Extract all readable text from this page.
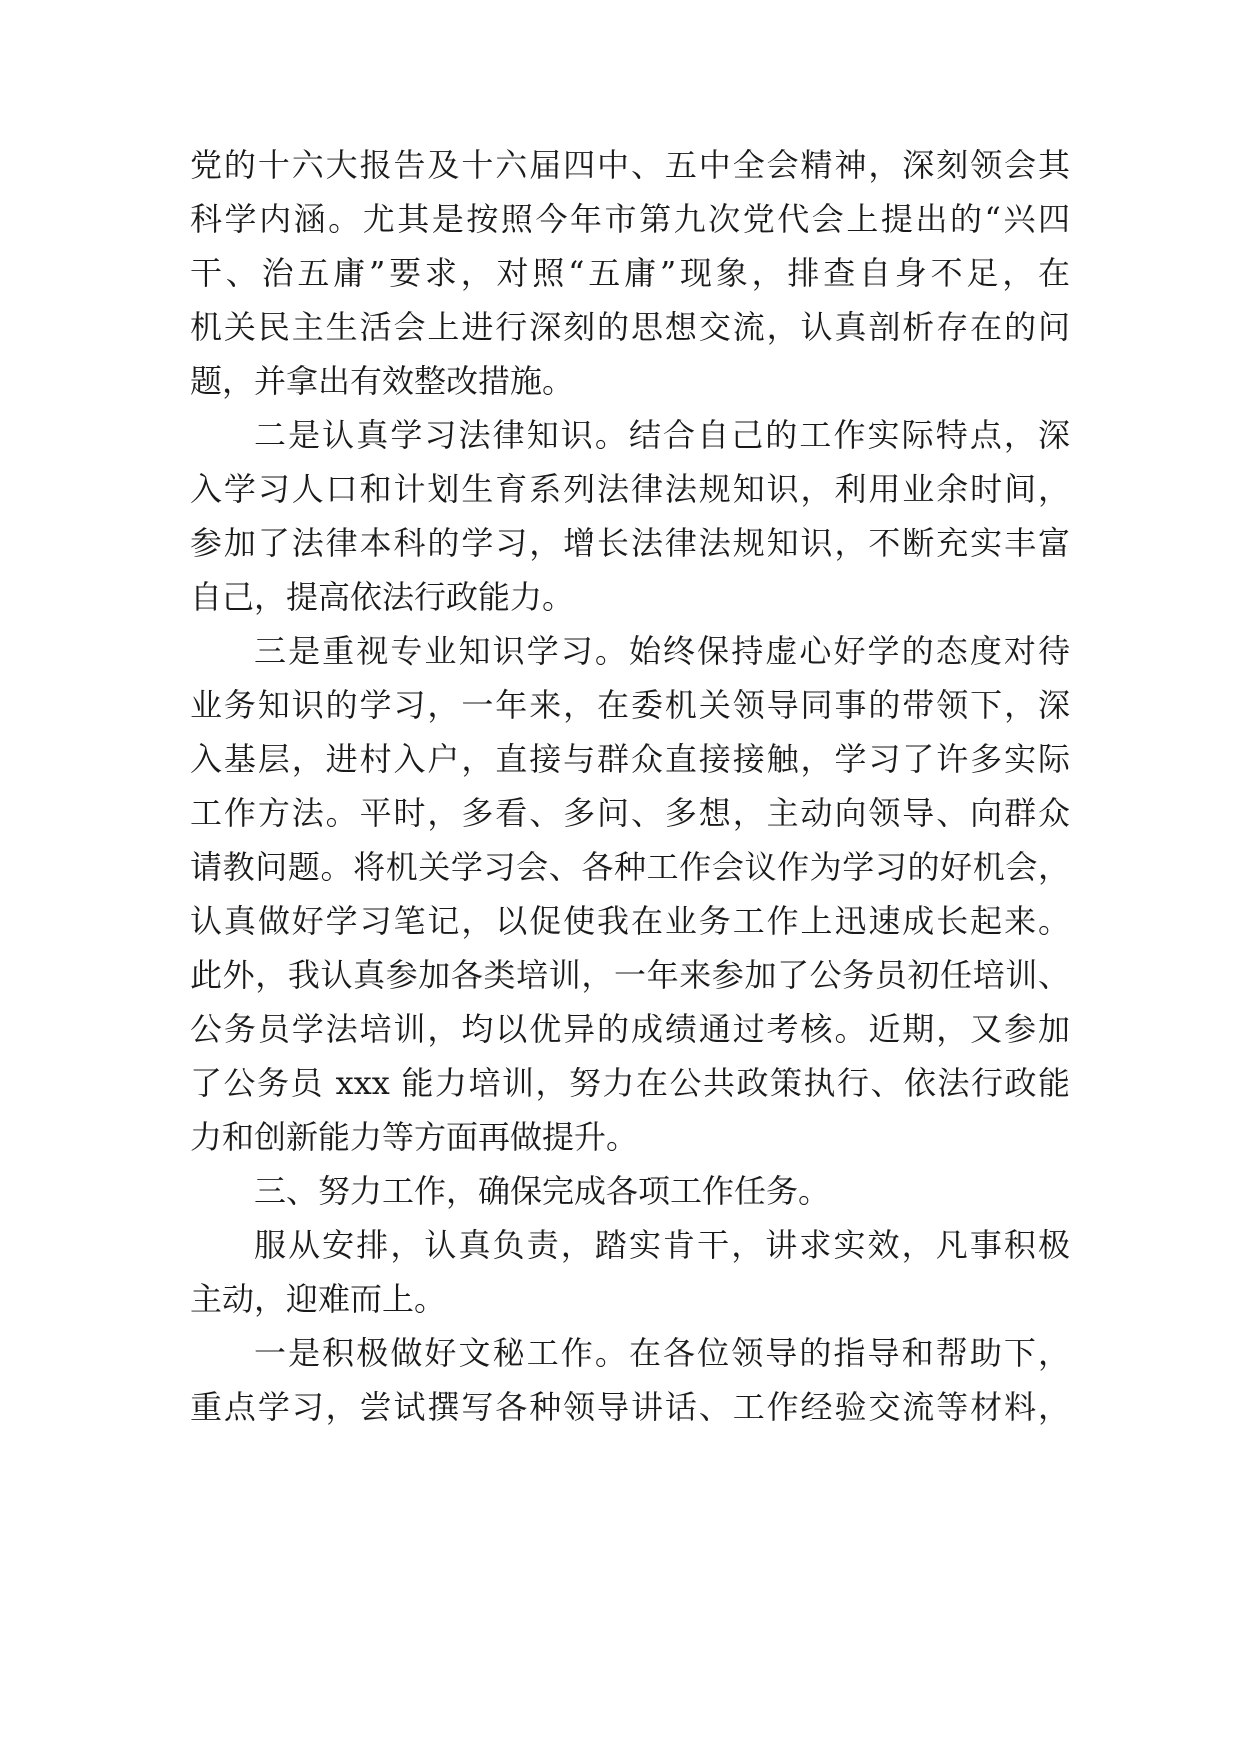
党的十六大报告及十六届四中、五中全会精神，深刻领会其
科学内涵。尤其是按照今年市第九次党代会上提出的“兴四
干、治五庸”要求，对照“五庸”现象，排查自身不足，在
机关民主生活会上进行深刻的思想交流，认真剖析存在的问
题，并拿出有效整改措施。
二是认真学习法律知识。结合自己的工作实际特点，深
入学习人口和计划生育系列法律法规知识，利用业余时间，
参加了法律本科的学习，增长法律法规知识，不断充实丰富
自己，提高依法行政能力。
三是重视专业知识学习。始终保持虚心好学的态度对待
业务知识的学习，一年来，在委机关领导同事的带领下，深
入基层，进村入户，直接与群众直接接触，学习了许多实际
工作方法。平时，多看、多问、多想，主动向领导、向群众
请教问题。将机关学习会、各种工作会议作为学习的好机会，
认真做好学习笔记，以促使我在业务工作上迅速成长起来。
此外，我认真参加各类培训，一年来参加了公务员初任培训、
公务员学法培训，均以优异的成绩通过考核。近期，又参加
了公务员 xxx 能力培训，努力在公共政策执行、依法行政能
力和创新能力等方面再做提升。
三、努力工作，确保完成各项工作任务。
服从安排，认真负责，踏实肯干，讲求实效，凡事积极
主动，迎难而上。
一是积极做好文秘工作。在各位领导的指导和帮助下，
重点学习，尝试撰写各种领导讲话、工作经验交流等材料，
